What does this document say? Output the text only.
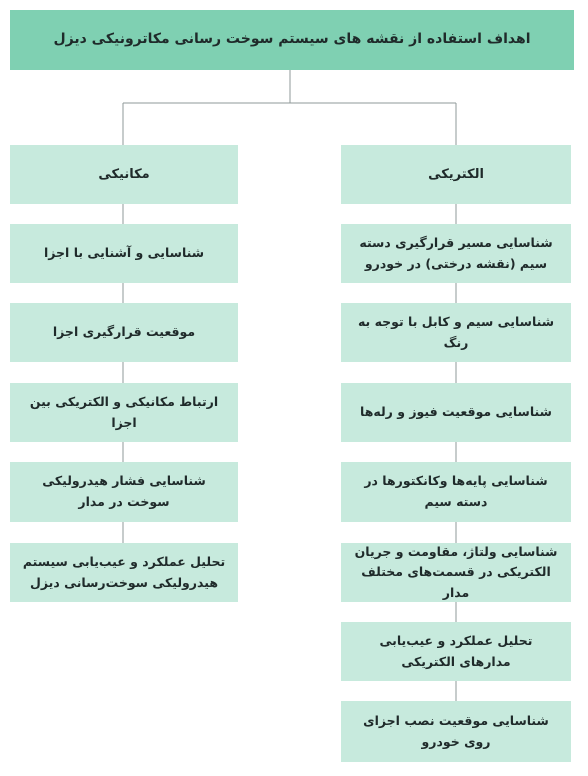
اهداف استفاده از نقشه های سیستم سوخت رسانی مکاترونیکی دیزل
مکانیکی
شناسایی و آشنایی با اجزا
موقعیت قرارگیری اجزا
ارتباط مکانیکی و الکتریکی بین اجزا
شناسایی فشار هیدرولیکی سوخت در مدار
تحلیل عملکرد و عیب‌یابی سیستم هیدرولیکی سوخت‌رسانی دیزل
الکتریکی
شناسایی مسیر قرارگیری دسته سیم (نقشه درختی) در خودرو
شناسایی سیم و کابل با توجه به رنگ
شناسایی موقعیت فیوز و رله‌ها
شناسایی پایه‌ها وکانکتورها در دسته سیم
شناسایی ولتاژ، مقاومت و جریان الکتریکی در قسمت‌های مختلف مدار
تحلیل عملکرد و عیب‌یابی مدارهای الکتریکی
شناسایی موقعیت نصب اجزای روی خودرو
